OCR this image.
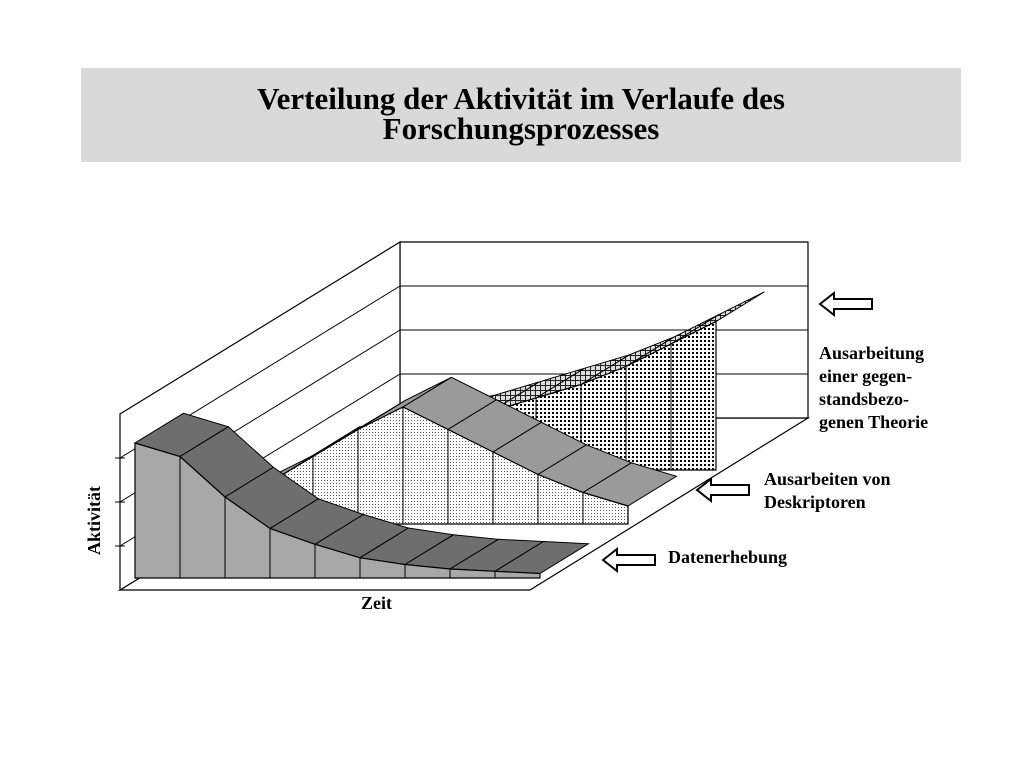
Verteilung der Aktivität im Verlaufe des
Forschungsprozesses
Aktivität
Zeit
Ausarbeitung
einer gegen-
standsbezo-
genen Theorie
Ausarbeiten von
Deskriptoren
Datenerhebung
